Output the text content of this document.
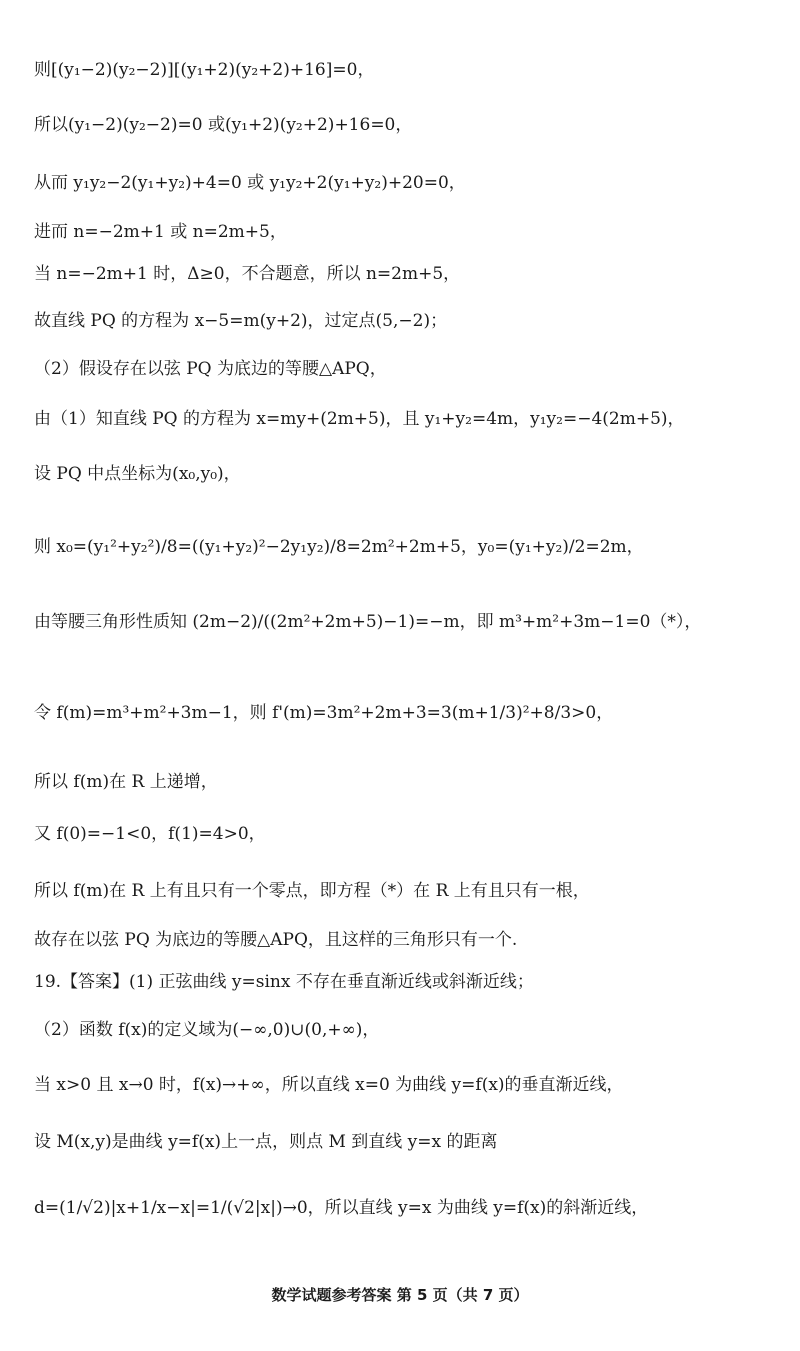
则[(y₁−2)(y₂−2)][(y₁+2)(y₂+2)+16]=0，
所以(y₁−2)(y₂−2)=0 或(y₁+2)(y₂+2)+16=0，
从而 y₁y₂−2(y₁+y₂)+4=0 或 y₁y₂+2(y₁+y₂)+20=0，
进而 n=−2m+1 或 n=2m+5，
当 n=−2m+1 时，Δ≥0，不合题意，所以 n=2m+5，
故直线 PQ 的方程为 x−5=m(y+2)，过定点(5,−2)；
（2）假设存在以弦 PQ 为底边的等腰△APQ，
由（1）知直线 PQ 的方程为 x=my+(2m+5)，且 y₁+y₂=4m，y₁y₂=−4(2m+5)，
设 PQ 中点坐标为(x₀,y₀)，
则 x₀=(y₁²+y₂²)/8=((y₁+y₂)²−2y₁y₂)/8=2m²+2m+5，y₀=(y₁+y₂)/2=2m，
由等腰三角形性质知 (2m−2)/((2m²+2m+5)−1)=−m，即 m³+m²+3m−1=0（*），
令 f(m)=m³+m²+3m−1，则 f'(m)=3m²+2m+3=3(m+1/3)²+8/3>0，
所以 f(m)在 R 上递增，
又 f(0)=−1<0，f(1)=4>0，
所以 f(m)在 R 上有且只有一个零点，即方程（*）在 R 上有且只有一根，
故存在以弦 PQ 为底边的等腰△APQ，且这样的三角形只有一个.
19.【答案】(1) 正弦曲线 y=sinx 不存在垂直渐近线或斜渐近线；
（2）函数 f(x)的定义域为(−∞,0)∪(0,+∞)，
当 x>0 且 x→0 时，f(x)→+∞，所以直线 x=0 为曲线 y=f(x)的垂直渐近线，
设 M(x,y)是曲线 y=f(x)上一点，则点 M 到直线 y=x 的距离
d=(1/√2)|x+1/x−x|=1/(√2|x|)→0，所以直线 y=x 为曲线 y=f(x)的斜渐近线，
数学试题参考答案 第 5 页（共 7 页）
